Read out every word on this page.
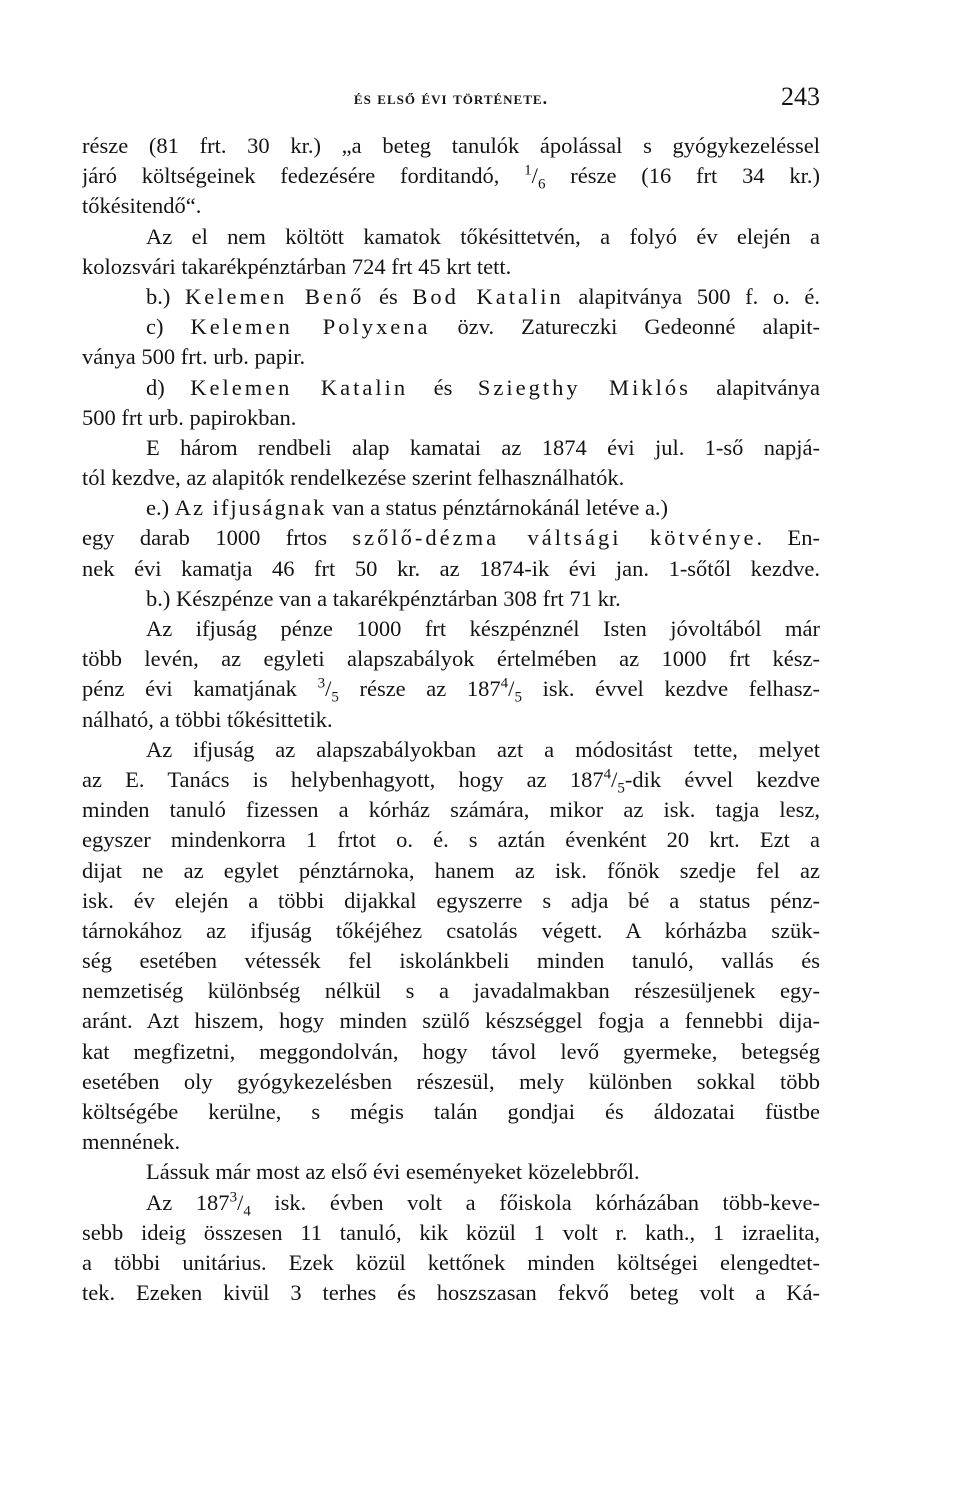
és első évi története.	243
része (81 frt. 30 kr.) „a beteg tanulók ápolással s gyógykezeléssel
járó költségeinek fedezésére forditandó, $^1/_6$ része (16 frt 34 kr.)
tőkésitendő“.
Az el nem költött kamatok tőkésittetvén, a folyó év elején a
kolozsvári takarékpénztárban 724 frt 45 krt tett.
b.) Kelemen Benő és Bod Katalin alapitványa 500 f. o. é.
c) Kelemen Polyxena özv. Zatureczki Gedeonné alapit-
ványa 500 frt. urb. papir.
d) Kelemen Katalin és Sziegthy Miklós alapitványa
500 frt urb. papirokban.
E három rendbeli alap kamatai az 1874 évi jul. 1-ső napjá-
tól kezdve, az alapitók rendelkezése szerint felhasználhatók.
e.) Az ifjuságnak van a status pénztárnokánál letéve a.)
egy darab 1000 frtos szőlő-dézma váltsági kötvénye. En-
nek évi kamatja 46 frt 50 kr. az 1874-ik évi jan. 1-sőtől kezdve.
b.) Készpénze van a takarékpénztárban 308 frt 71 kr.
Az ifjuság pénze 1000 frt készpénznél Isten jóvoltából már
több levén, az egyleti alapszabályok értelmében az 1000 frt kész-
pénz évi kamatjának $^3/_5$ része az $187^4/_5$ isk. évvel kezdve felhasz-
nálható, a többi tőkésittetik.
Az ifjuság az alapszabályokban azt a módositást tette, melyet
az E. Tanács is helybenhagyott, hogy az $187^4/_5$-dik évvel kezdve
minden tanuló fizessen a kórház számára, mikor az isk. tagja lesz,
egyszer mindenkorra 1 frtot o. é. s aztán évenként 20 krt. Ezt a
dijat ne az egylet pénztárnoka, hanem az isk. főnök szedje fel az
isk. év elején a többi dijakkal egyszerre s adja bé a status pénz-
tárnokához az ifjuság tőkéjéhez csatolás végett. A kórházba szük-
ség esetében vétessék fel iskolánkbeli minden tanuló, vallás és
nemzetiség különbség nélkül s a javadalmakban részesüljenek egy-
aránt. Azt hiszem, hogy minden szülő készséggel fogja a fennebbi dija-
kat megfizetni, meggondolván, hogy távol levő gyermeke, betegség
esetében oly gyógykezelésben részesül, mely különben sokkal több
költségébe kerülne, s mégis talán gondjai és áldozatai füstbe
mennének.
Lássuk már most az első évi eseményeket közelebbről.
Az $187^3/_4$ isk. évben volt a főiskola kórházában több-keve-
sebb ideig összesen 11 tanuló, kik közül 1 volt r. kath., 1 izraelita,
a többi unitárius. Ezek közül kettőnek minden költségei elengedtet-
tek. Ezeken kivül 3 terhes és hoszszasan fekvő beteg volt a Ká-
